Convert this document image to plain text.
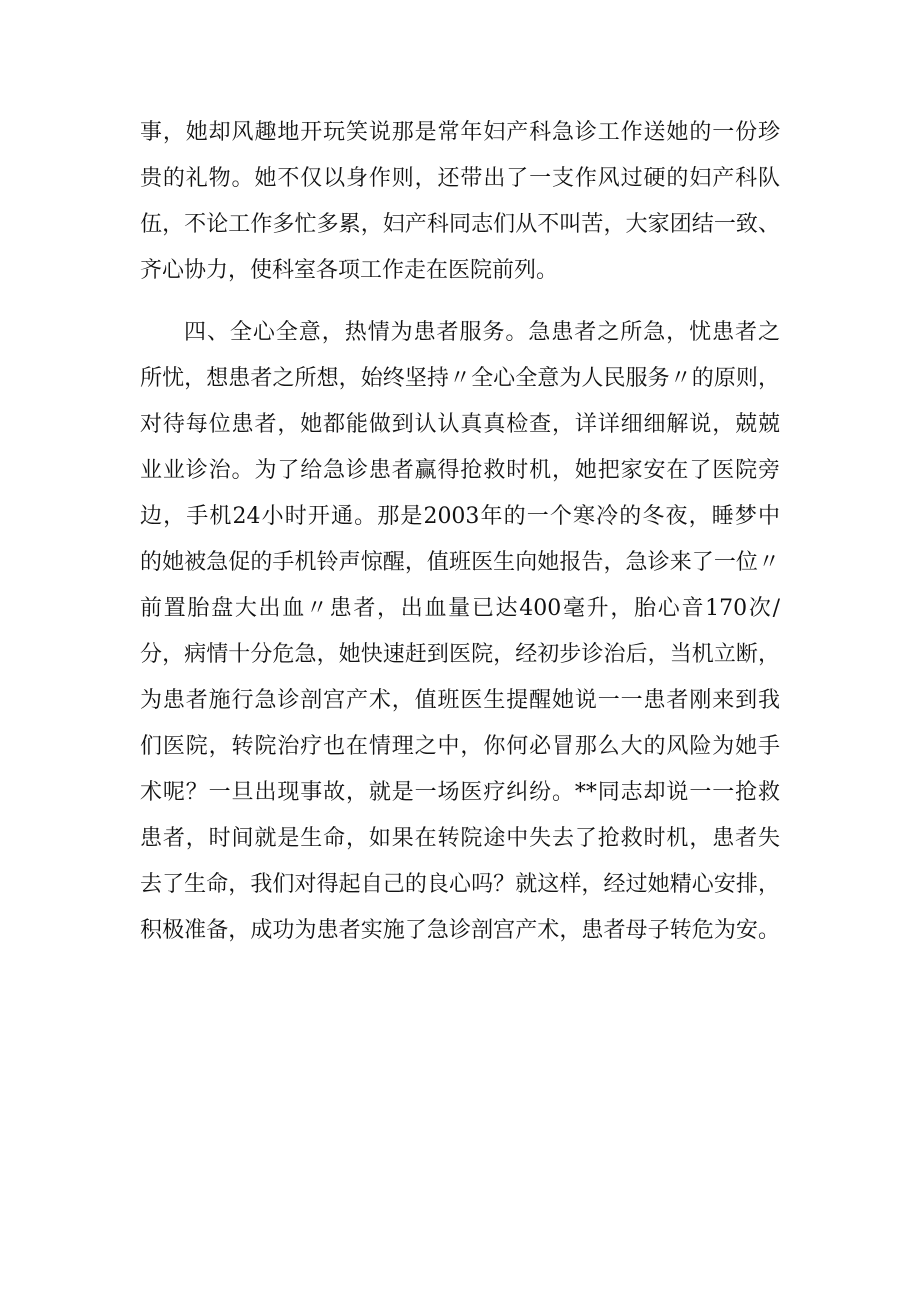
事，她却风趣地开玩笑说那是常年妇产科急诊工作送她的一份珍
贵的礼物。她不仅以身作则，还带出了一支作风过硬的妇产科队
伍，不论工作多忙多累，妇产科同志们从不叫苦，大家团结一致、
齐心协力，使科室各项工作走在医院前列。
四、全心全意，热情为患者服务。急患者之所急，忧患者之
所忧，想患者之所想，始终坚持〃全心全意为人民服务〃的原则，
对待每位患者，她都能做到认认真真检查，详详细细解说，兢兢
业业诊治。为了给急诊患者赢得抢救时机，她把家安在了医院旁
边，手机24小时开通。那是2003年的一个寒冷的冬夜，睡梦中
的她被急促的手机铃声惊醒，值班医生向她报告，急诊来了一位〃
前置胎盘大出血〃患者，出血量已达400毫升，胎心音170次/
分，病情十分危急，她快速赶到医院，经初步诊治后，当机立断，
为患者施行急诊剖宫产术，值班医生提醒她说一一患者刚来到我
们医院，转院治疗也在情理之中，你何必冒那么大的风险为她手
术呢？一旦出现事故，就是一场医疗纠纷。**同志却说一一抢救
患者，时间就是生命，如果在转院途中失去了抢救时机，患者失
去了生命，我们对得起自己的良心吗？就这样，经过她精心安排，
积极准备，成功为患者实施了急诊剖宫产术，患者母子转危为安。
